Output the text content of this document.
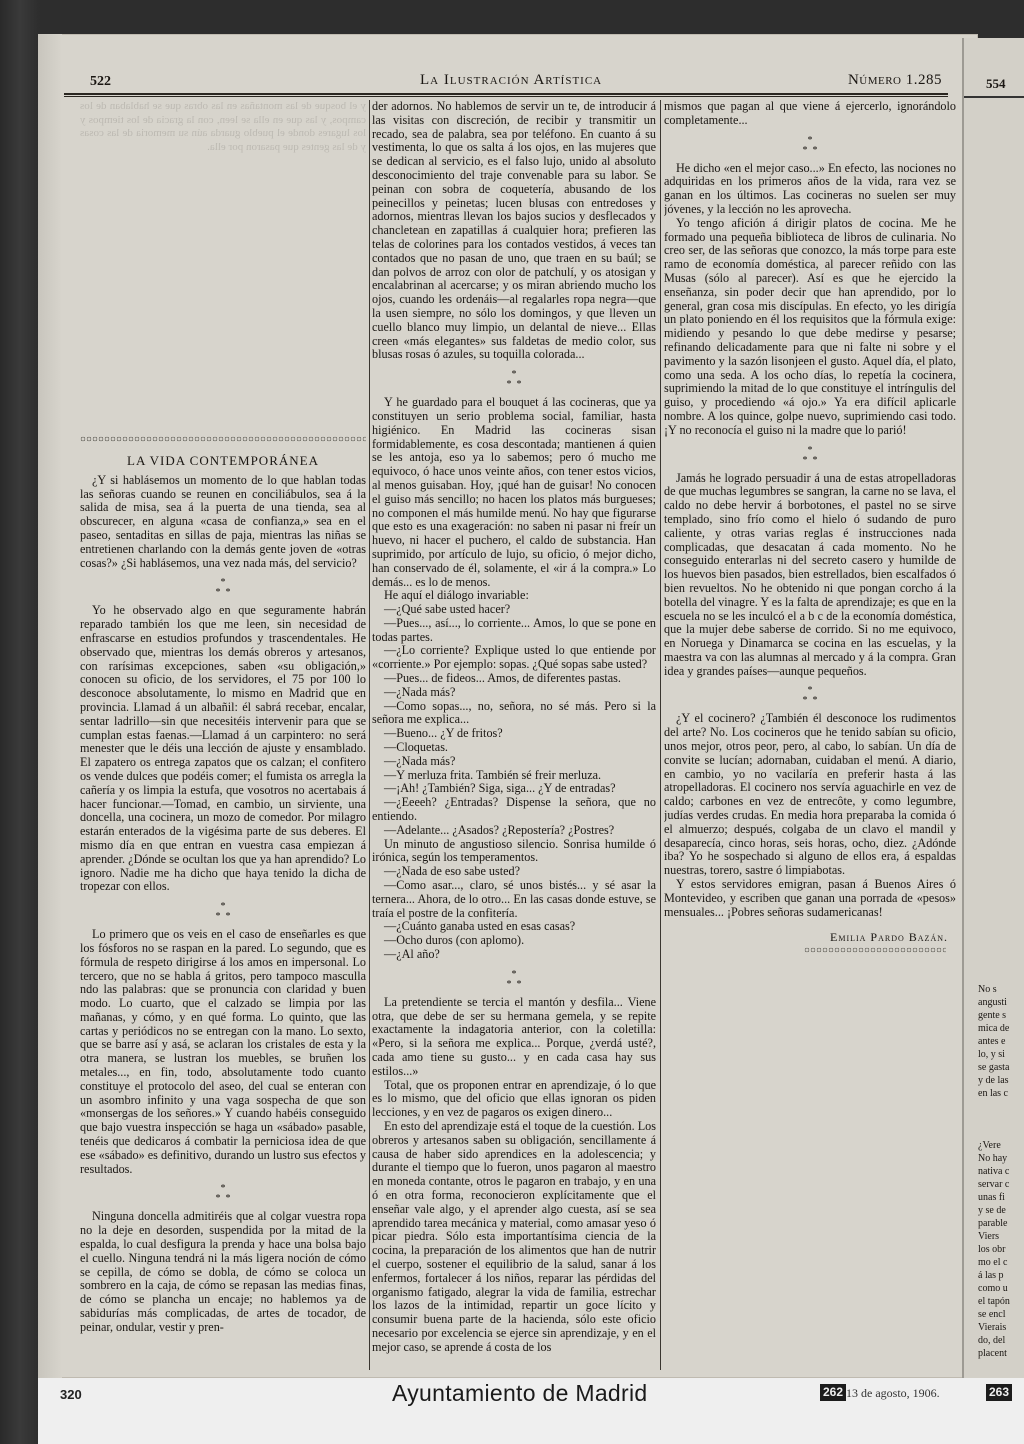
554
No s
angusti
gente s
mica de
antes e
lo, y si
se gasta
y de las
en las c

¿Vere
No hay
nativa c
servar c
unas fi
y se de
parable
Viers
los obr
mo el c
á las p
como u
el tapón
se encl
Vierais
do, del
placent
522	La Ilustración Artística	Número 1.285
y el bosque de las montañas en las obras que se hablaban de los campos, y las que en ella se leen, con la gracia de los tiempos y los lugares donde el pueblo guarda aún su memoria de las cosas y de las gentes que pasaron por ella.
LA VIDA CONTEMPORÁNEA

¿Y si hablásemos un momento de lo que hablan todas las señoras cuando se reunen en conciliábulos, sea á la salida de misa, sea á la puerta de una tienda, sea al obscurecer, en alguna «casa de confianza,» sea en el paseo, sentaditas en sillas de paja, mientras las niñas se entretienen charlando con la demás gente joven de «otras cosas?» ¿Si hablásemos, una vez nada más, del servicio?

*
*  *

Yo he observado algo en que seguramente habrán reparado también los que me leen, sin necesidad de enfrascarse en estudios profundos y trascendentales. He observado que, mientras los demás obreros y artesanos, con rarísimas excepciones, saben «su obligación,» conocen su oficio, de los servidores, el 75 por 100 lo desconoce absolutamente, lo mismo en Madrid que en provincia. Llamad á un albañil: él sabrá recebar, encalar, sentar ladrillo—sin que necesitéis intervenir para que se cumplan estas faenas.—Llamad á un carpintero: no será menester que le déis una lección de ajuste y ensamblado. El zapatero os entrega zapatos que os calzan; el confitero os vende dulces que podéis comer; el fumista os arregla la cañería y os limpia la estufa, que vosotros no acertabais á hacer funcionar.—Tomad, en cambio, un sirviente, una doncella, una cocinera, un mozo de comedor. Por milagro estarán enterados de la vigésima parte de sus deberes. El mismo día en que entran en vuestra casa empiezan á aprender. ¿Dónde se ocultan los que ya han aprendido? Lo ignoro. Nadie me ha dicho que haya tenido la dicha de tropezar con ellos.

*
*  *

Lo primero que os veis en el caso de enseñarles es que los fósforos no se raspan en la pared. Lo segundo, que es fórmula de respeto dirigirse á los amos en impersonal. Lo tercero, que no se habla á gritos, pero tampoco masculla​ndo las palabras: que se pronuncia con claridad y buen modo. Lo cuarto, que el calzado se limpia por las mañanas, y cómo, y en qué forma. Lo quinto, que las cartas y periódicos no se entregan con la mano. Lo sexto, que se barre así y asá, se aclaran los cristales de esta y la otra manera, se lustran los muebles, se bruñen los metales..., en fin, todo, absolutamente todo cuanto constituye el protocolo del aseo, del cual se enteran con un asombro infinito y una vaga sospecha de que son «monsergas de los señores.» Y cuando habéis conseguido que bajo vuestra inspección se haga un «sábado» pasable, tenéis que dedicaros á combatir la perniciosa idea de que ese «sábado» es definitivo, durando un lustro sus efectos y resultados.

*
*  *

Ninguna doncella admitiréis que al colgar vuestra ropa no la deje en desorden, suspendida por la mitad de la espalda, lo cual desfigura la prenda y hace una bolsa bajo el cuello. Ninguna tendrá ni la más ligera noción de cómo se cepilla, de cómo se dobla, de cómo se coloca un sombrero en la caja, de cómo se repasan las medias finas, de cómo se plancha un encaje; no hablemos ya de sabidurías más complicadas, de artes de tocador, de peinar, ondular, vestir y pren-

der adornos. No hablemos de servir un te, de introducir á las visitas con discreción, de recibir y transmitir un recado, sea de palabra, sea por teléfono. En cuanto á su vestimenta, lo que os salta á los ojos, en las mujeres que se dedican al servicio, es el falso lujo, unido al absoluto desconocimiento del traje convenable para su labor. Se peinan con sobra de coquetería, abusando de los peinecillos y peinetas; lucen blusas con entredoses y adornos, mientras llevan los bajos sucios y desflecados y chancletean en zapatillas á cualquier hora; prefieren las telas de colorines para los contados vestidos, á veces tan contados que no pasan de uno, que traen en su baúl; se dan polvos de arroz con olor de patchulí, y os atosigan y encalabrinan al acercarse; y os miran abriendo mucho los ojos, cuando les ordenáis—al regalarles ropa negra—que la usen siempre, no sólo los domingos, y que lleven un cuello blanco muy limpio, un delantal de nieve... Ellas creen «más elegantes» sus faldetas de medio color, sus blusas rosas ó azules, su toquilla colorada...

*
*  *

Y he guardado para el bouquet á las cocineras, que ya constituyen un serio problema social, familiar, hasta higiénico. En Madrid las cocineras sisan formidablemente, es cosa descontada; mantienen á quien se les antoja, eso ya lo sabemos; pero ó mucho me equivoco, ó hace unos veinte años, con tener estos vicios, al menos guisaban. Hoy, ¡qué han de guisar! No conocen el guiso más sencillo; no hacen los platos más burgueses; no componen el más humilde menú. No hay que figurarse que esto es una exageración: no saben ni pasar ni freír un huevo, ni hacer el puchero, el caldo de substancia. Han suprimido, por artículo de lujo, su oficio, ó mejor dicho, han conservado de él, solamente, el «ir á la compra.» Lo demás... es lo de menos.

He aquí el diálogo invariable:

—¿Qué sabe usted hacer?

—Pues..., así..., lo corriente... Amos, lo que se pone en todas partes.

—¿Lo corriente? Explique usted lo que entiende por «corriente.» Por ejemplo: sopas. ¿Qué sopas sabe usted?

—Pues... de fideos... Amos, de diferentes pastas.

—¿Nada más?

—Como sopas..., no, señora, no sé más. Pero si la señora me explica...

—Bueno... ¿Y de fritos?

—Cloquetas.

—¿Nada más?

—Y merluza frita. También sé freir merluza.

—¡Ah! ¿También? Siga, siga... ¿Y de entradas?

—¿Eeeeh? ¿Entradas? Dispense la señora, que no entiendo.

—Adelante... ¿Asados? ¿Repostería? ¿Postres?

Un minuto de angustioso silencio. Sonrisa humilde ó irónica, según los temperamentos.

—¿Nada de eso sabe usted?

—Como asar..., claro, sé unos bistés... y sé asar la ternera... Ahora, de lo otro... En las casas donde estuve, se traía el postre de la confitería.

—¿Cuánto ganaba usted en esas casas?

—Ocho duros (con aplomo).

—¿Al año?

*
*  *

La pretendiente se tercia el mantón y desfila... Viene otra, que debe de ser su hermana gemela, y se repite exactamente la indagatoria anterior, con la coletilla: «Pero, si la señora me explica... Porque, ¿verdá usté?, cada amo tiene su gusto... y en cada casa hay sus estilos...»

Total, que os proponen entrar en aprendizaje, ó lo que es lo mismo, que del oficio que ellas ignoran os piden lecciones, y en vez de pagaros os exigen dinero...

En esto del aprendizaje está el toque de la cuestión. Los obreros y artesanos saben su obligación, sencillamente á causa de haber sido aprendices en la adolescencia; y durante el tiempo que lo fueron, unos pagaron al maestro en moneda contante, otros le pagaron en trabajo, y en una ó en otra forma, reconocieron explícitamente que el enseñar vale algo, y el aprender algo cuesta, así se sea aprendido tarea mecánica y material, como amasar yeso ó picar piedra. Sólo esta importantísima ciencia de la cocina, la preparación de los alimentos que han de nutrir el cuerpo, sostener el equilibrio de la salud, sanar á los enfermos, fortalecer á los niños, reparar las pérdidas del organismo fatigado, alegrar la vida de familia, estrechar los lazos de la intimidad, repartir un goce lícito y consumir buena parte de la hacienda, sólo este oficio necesario por excelencia se ejerce sin aprendizaje, y en el mejor caso, se aprende á costa de los

mismos que pagan al que viene á ejercerlo, ignorándolo completamente...

*
*  *

He dicho «en el mejor caso...» En efecto, las nociones no adquiridas en los primeros años de la vida, rara vez se ganan en los últimos. Las cocineras no suelen ser muy jóvenes, y la lección no les aprovecha.

Yo tengo afición á dirigir platos de cocina. Me he formado una pequeña biblioteca de libros de culinaria. No creo ser, de las señoras que conozco, la más torpe para este ramo de economía doméstica, al parecer reñido con las Musas (sólo al parecer). Así es que he ejercido la enseñanza, sin poder decir que han aprendido, por lo general, gran cosa mis discípulas. En efecto, yo les dirigía un plato poniendo en él los requisitos que la fórmula exige: midiendo y pesando lo que debe medirse y pesarse; refinando delicadamente para que ni falte ni sobre y el pavimento y la sazón lisonjeen el gusto. Aquel día, el plato, como una seda. A los ocho días, lo repetía la cocinera, suprimiendo la mitad de lo que constituye el intríngulis del guiso, y procediendo «á ojo.» Ya era difícil aplicarle nombre. A los quince, golpe nuevo, suprimiendo casi todo. ¡Y no reconocía el guiso ni la madre que lo parió!

*
*  *

Jamás he logrado persuadir á una de estas atropelladoras de que muchas legumbres se sangran, la carne no se lava, el caldo no debe hervir á borbotones, el pastel no se sirve templado, sino frío como el hielo ó sudando de puro caliente, y otras varias reglas é instrucciones nada complicadas, que desacatan á cada momento. No he conseguido enterarlas ni del secreto casero y humilde de los huevos bien pasados, bien estrellados, bien escalfados ó bien revueltos. No he obtenido ni que pongan corcho á la botella del vinagre. Y es la falta de aprendizaje; es que en la escuela no se les inculcó el a b c de la economía doméstica, que la mujer debe saberse de corrido. Si no me equivoco, en Noruega y Dinamarca se cocina en las escuelas, y la maestra va con las alumnas al mercado y á la compra. Gran idea y grandes países—aunque pequeños.

*
*  *

¿Y el cocinero? ¿También él desconoce los rudimentos del arte? No. Los cocineros que he tenido sabían su oficio, unos mejor, otros peor, pero, al cabo, lo sabían. Un día de convite se lucían; adornaban, cuidaban el menú. A diario, en cambio, yo no vacilaría en preferir hasta á las atropelladoras. El cocinero nos servía aguachirle en vez de caldo; carbones en vez de entrecôte, y como legumbre, judías verdes crudas. En media hora preparaba la comida ó el almuerzo; después, colgaba de un clavo el mandil y desaparecía, cinco horas, seis horas, ocho, diez. ¿Adónde iba? Yo he sospechado si alguno de ellos era, á espaldas nuestras, torero, sastre ó limpiabotas.

Y estos servidores emigran, pasan á Buenos Aires ó Montevideo, y escriben que ganan una porrada de «pesos» mensuales... ¡Pobres señoras sudamericanas!

Emilia Pardo Bazán.
320	Ayuntamiento de Madrid	262 13 de agosto, 1906.	263
